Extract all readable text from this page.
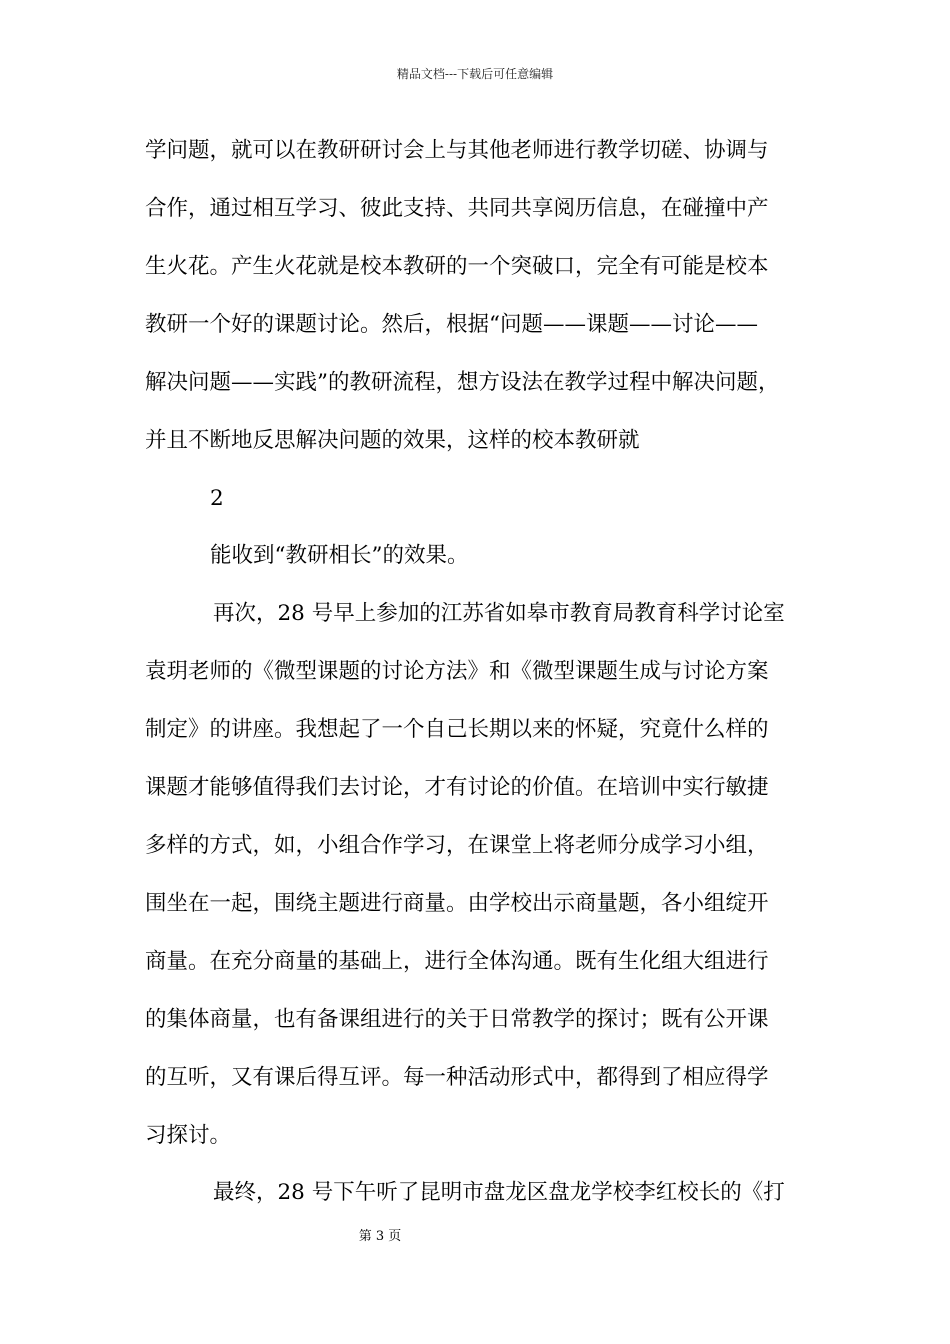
精品文档---下载后可任意编辑
学问题，就可以在教研研讨会上与其他老师进行教学切磋、协调与
合作，通过相互学习、彼此支持、共同共享阅历信息，在碰撞中产
生火花。产生火花就是校本教研的一个突破口，完全有可能是校本
教研一个好的课题讨论。然后，根据“问题——课题——讨论——
解决问题——实践”的教研流程，想方设法在教学过程中解决问题，
并且不断地反思解决问题的效果，这样的校本教研就
2
能收到“教研相长”的效果。
再次，28 号早上参加的江苏省如皋市教育局教育科学讨论室
袁玥老师的《微型课题的讨论方法》和《微型课题生成与讨论方案
制定》的讲座。我想起了一个自己长期以来的怀疑，究竟什么样的
课题才能够值得我们去讨论，才有讨论的价值。在培训中实行敏捷
多样的方式，如，小组合作学习，在课堂上将老师分成学习小组，
围坐在一起，围绕主题进行商量。由学校出示商量题，各小组绽开
商量。在充分商量的基础上，进行全体沟通。既有生化组大组进行
的集体商量，也有备课组进行的关于日常教学的探讨；既有公开课
的互听，又有课后得互评。每一种活动形式中，都得到了相应得学
习探讨。
最终，28 号下午听了昆明市盘龙区盘龙学校李红校长的《打
第 3 页
